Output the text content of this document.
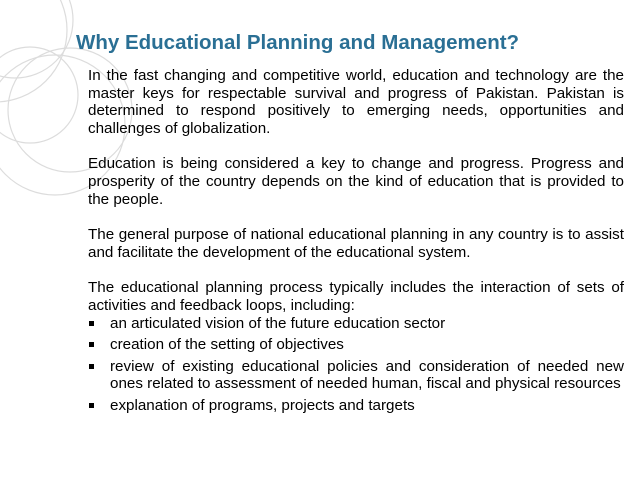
Why Educational Planning and Management?

In the fast changing and competitive world, education and technology are the master keys for respectable survival and progress of Pakistan. Pakistan is determined to respond positively to emerging needs, opportunities and challenges of globalization.

Education is being considered a key to change and progress. Progress and prosperity of the country depends on the kind of education that is provided to the people.

The general purpose of national educational planning in any country is to assist and facilitate the development of the educational system.

The educational planning process typically includes the interaction of sets of activities and feedback loops, including:

an articulated vision of the future education sector
creation of the setting of objectives
review of existing educational policies and consideration of needed new ones related to assessment of needed human, fiscal and physical resources
explanation of programs, projects and targets
